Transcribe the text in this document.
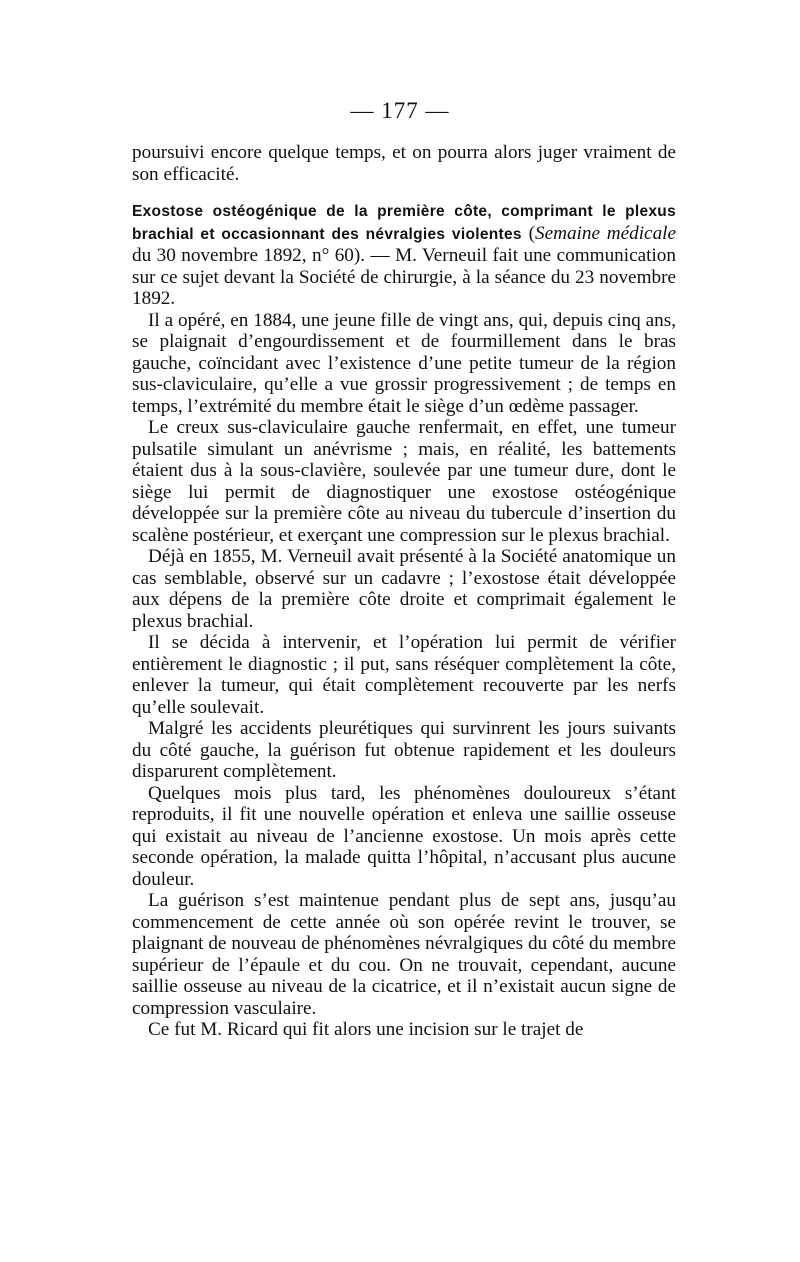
— 177 —

poursuivi encore quelque temps, et on pourra alors juger vraiment de son efficacité.

Exostose ostéogénique de la première côte, comprimant le plexus brachial et occasionnant des névralgies violentes (Semaine médicale du 30 novembre 1892, n° 60). — M. Verneuil fait une communication sur ce sujet devant la Société de chirurgie, à la séance du 23 novembre 1892.

Il a opéré, en 1884, une jeune fille de vingt ans, qui, depuis cinq ans, se plaignait d’engourdissement et de fourmillement dans le bras gauche, coïncidant avec l’existence d’une petite tumeur de la région sus-claviculaire, qu’elle a vue grossir progressivement ; de temps en temps, l’extrémité du membre était le siège d’un œdème passager.

Le creux sus-claviculaire gauche renfermait, en effet, une tumeur pulsatile simulant un anévrisme ; mais, en réalité, les battements étaient dus à la sous-clavière, soulevée par une tumeur dure, dont le siège lui permit de diagnostiquer une exostose ostéogénique développée sur la première côte au niveau du tubercule d’insertion du scalène postérieur, et exerçant une compression sur le plexus brachial.

Déjà en 1855, M. Verneuil avait présenté à la Société anatomique un cas semblable, observé sur un cadavre ; l’exostose était développée aux dépens de la première côte droite et comprimait également le plexus brachial.

Il se décida à intervenir, et l’opération lui permit de vérifier entièrement le diagnostic ; il put, sans réséquer complètement la côte, enlever la tumeur, qui était complètement recouverte par les nerfs qu’elle soulevait.

Malgré les accidents pleurétiques qui survinrent les jours suivants du côté gauche, la guérison fut obtenue rapidement et les douleurs disparurent complètement.

Quelques mois plus tard, les phénomènes douloureux s’étant reproduits, il fit une nouvelle opération et enleva une saillie osseuse qui existait au niveau de l’ancienne exostose. Un mois après cette seconde opération, la malade quitta l’hôpital, n’accusant plus aucune douleur.

La guérison s’est maintenue pendant plus de sept ans, jusqu’au commencement de cette année où son opérée revint le trouver, se plaignant de nouveau de phénomènes névralgiques du côté du membre supérieur de l’épaule et du cou. On ne trouvait, cependant, aucune saillie osseuse au niveau de la cicatrice, et il n’existait aucun signe de compression vasculaire.

Ce fut M. Ricard qui fit alors une incision sur le trajet de
